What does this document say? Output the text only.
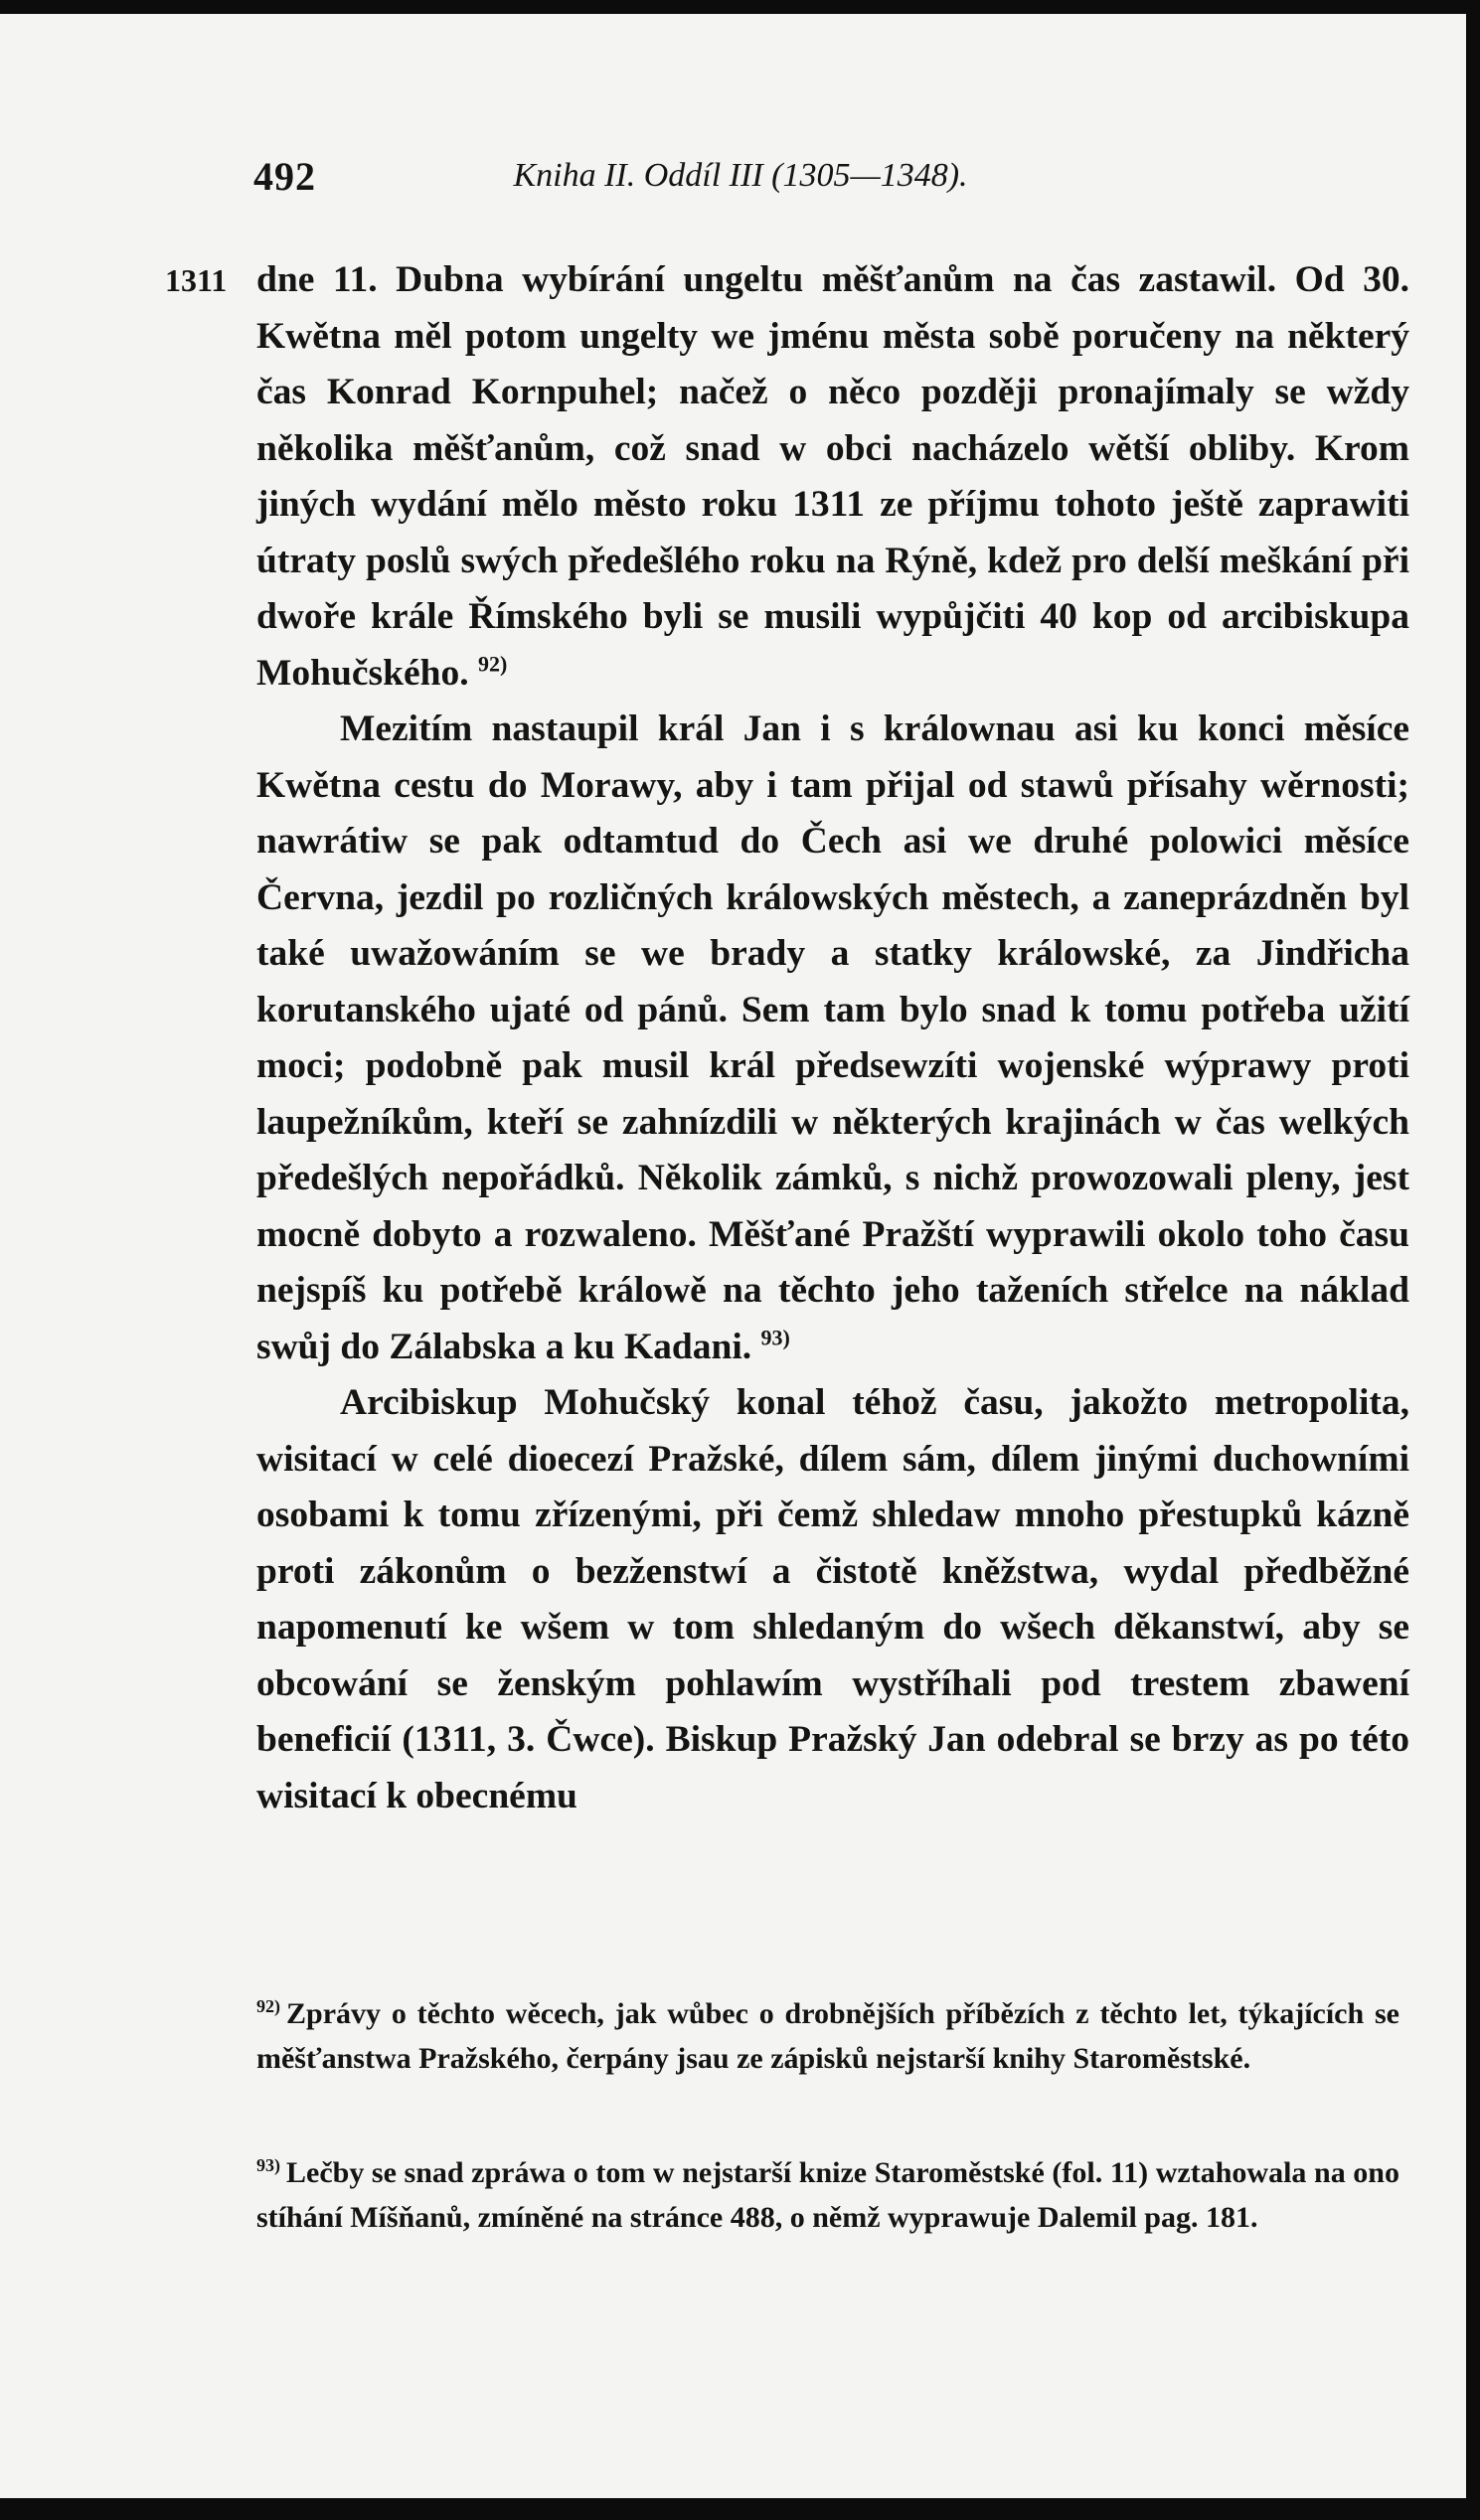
492	Kniha II. Oddíl III (1305—1348).
1311 dne 11. Dubna wybírání ungeltu měšťanům na čas zastawil. Od 30. Kwětna měl potom ungelty we jménu města sobě poručeny na některý čas Konrad Kornpuhel; načež o něco později pronajímaly se wždy několika měšťanům, což snad w obci nacházelo wětší obliby. Krom jiných wydání mělo město roku 1311 ze příjmu tohoto ještě zaprawiti útraty poslů swých předešlého roku na Rýně, kdež pro delší meškání při dwoře krále Římského byli se musili wypůjčiti 40 kop od arcibiskupa Mohučského. $^{92)}$

Mezitím nastaupil král Jan i s králownau asi ku konci měsíce Kwětna cestu do Morawy, aby i tam přijal od stawů přísahy wěrnosti; nawrátiw se pak odtamtud do Čech asi we druhé polowici měsíce Června, jezdil po rozličných králowských městech, a zaneprázdněn byl také uwažowáním se we brady a statky králowské, za Jindřicha korutanského ujaté od pánů. Sem tam bylo snad k tomu potřeba užití moci; podobně pak musil král předsewzíti wojenské wýprawy proti laupežníkům, kteří se zahnízdili w některých krajinách w čas welkých předešlých nepořádků. Několik zámků, s nichž prowozowali pleny, jest mocně dobyto a rozwaleno. Měšťané Pražští wyprawili okolo toho času nejspíš ku potřebě králowě na těchto jeho taženích střelce na náklad swůj do Zálabska a ku Kadani. $^{93)}$

Arcibiskup Mohučský konal téhož času, jakožto metropolita, wisitací w celé dioecezí Pražské, dílem sám, dílem jinými duchowními osobami k tomu zřízenými, při čemž shledaw mnoho přestupků kázně proti zákonům o bezženstwí a čistotě kněžstwa, wydal předběžné napomenutí ke wšem w tom shledaným do wšech děkanstwí, aby se obcowání se ženským pohlawím wystříhali pod trestem zbawení beneficií (1311, 3. Čwce). Biskup Pražský Jan odebral se brzy as po této wisitací k obecnému

$^{92)}$ Zprávy o těchto wěcech, jak wůbec o drobnějších příbězích z těchto let, týkajících se měšťanstwa Pražského, čerpány jsau ze zápisků nejstarší knihy Staroměstské.
$^{93)}$ Lečby se snad zpráwa o tom w nejstarší knize Staroměstské (fol. 11) wztahowala na ono stíhání Míšňanů, zmíněné na stránce 488, o němž wyprawuje Dalemil pag. 181.
